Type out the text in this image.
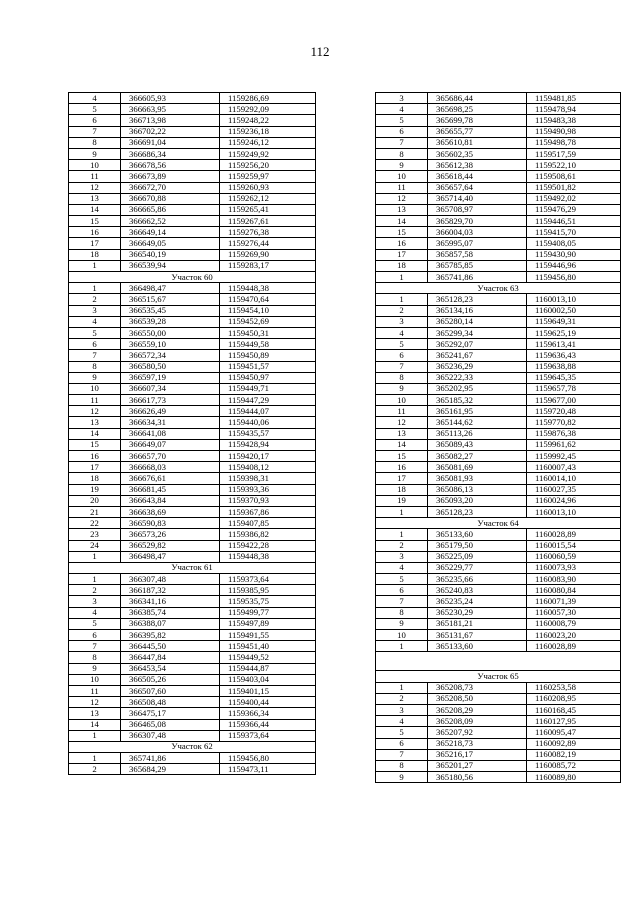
112
4	366605,93	1159286,69
5	366663,95	1159292,09
6	366713,98	1159248,22
7	366702,22	1159236,18
8	366691,04	1159246,12
9	366686,34	1159249,92
10	366678,56	1159256,20
11	366673,89	1159259,97
12	366672,70	1159260,93
13	366670,88	1159262,12
14	366665,86	1159265,41
15	366662,52	1159267,61
16	366649,14	1159276,38
17	366649,05	1159276,44
18	366540,19	1159269,90
1	366539,94	1159283,17
Участок 60		
1	366498,47	1159448,38
2	366515,67	1159470,64
3	366535,45	1159454,10
4	366539,28	1159452,69
5	366550,00	1159450,31
6	366559,10	1159449,58
7	366572,34	1159450,89
8	366580,50	1159451,57
9	366597,19	1159450,97
10	366607,34	1159449,71
11	366617,73	1159447,29
12	366626,49	1159444,07
13	366634,31	1159440,06
14	366641,08	1159435,57
15	366649,07	1159428,94
16	366657,70	1159420,17
17	366668,03	1159408,12
18	366676,61	1159398,31
19	366681,45	1159393,36
20	366643,84	1159370,93
21	366638,69	1159367,86
22	366590,83	1159407,85
23	366573,26	1159386,82
24	366529,82	1159422,28
1	366498,47	1159448,38
Участок 61		
1	366307,48	1159373,64
2	366187,32	1159385,95
3	366341,16	1159535,75
4	366385,74	1159499,77
5	366388,07	1159497,89
6	366395,82	1159491,55
7	366445,50	1159451,40
8	366447,84	1159449,52
9	366453,54	1159444,87
10	366505,26	1159403,04
11	366507,60	1159401,15
12	366508,48	1159400,44
13	366475,17	1159366,34
14	366465,08	1159366,44
1	366307,48	1159373,64
Участок 62		
1	365741,86	1159456,80
2	365684,29	1159473,11
3	365686,44	1159481,85
4	365698,25	1159478,94
5	365699,78	1159483,38
6	365655,77	1159490,98
7	365610,81	1159498,78
8	365602,35	1159517,59
9	365612,38	1159522,10
10	365618,44	1159508,61
11	365657,64	1159501,82
12	365714,40	1159492,02
13	365708,97	1159476,29
14	365829,70	1159446,51
15	366004,03	1159415,70
16	365995,07	1159408,05
17	365857,58	1159430,90
18	365785,85	1159446,96
1	365741,86	1159456,80
Участок 63		
1	365128,23	1160013,10
2	365134,16	1160002,50
3	365280,14	1159649,31
4	365299,34	1159625,19
5	365292,07	1159613,41
6	365241,67	1159636,43
7	365236,29	1159638,88
8	365222,33	1159645,35
9	365202,95	1159657,78
10	365185,32	1159677,00
11	365161,95	1159720,48
12	365144,62	1159770,82
13	365113,26	1159876,38
14	365089,43	1159961,62
15	365082,27	1159992,45
16	365081,69	1160007,43
17	365081,93	1160014,10
18	365086,13	1160027,35
19	365093,20	1160024,96
1	365128,23	1160013,10
Участок 64		
1	365133,60	1160028,89
2	365179,50	1160015,54
3	365225,09	1160060,59
4	365229,77	1160073,93
5	365235,66	1160083,90
6	365240,83	1160080,84
7	365235,24	1160071,39
8	365230,29	1160057,30
9	365181,21	1160008,79
10	365131,67	1160023,20
1	365133,60	1160028,89

Участок 65		
1	365208,73	1160253,58
2	365208,50	1160208,95
3	365208,29	1160168,45
4	365208,09	1160127,95
5	365207,92	1160095,47
6	365218,73	1160092,89
7	365216,17	1160082,19
8	365201,27	1160085,72
9	365180,56	1160089,80
